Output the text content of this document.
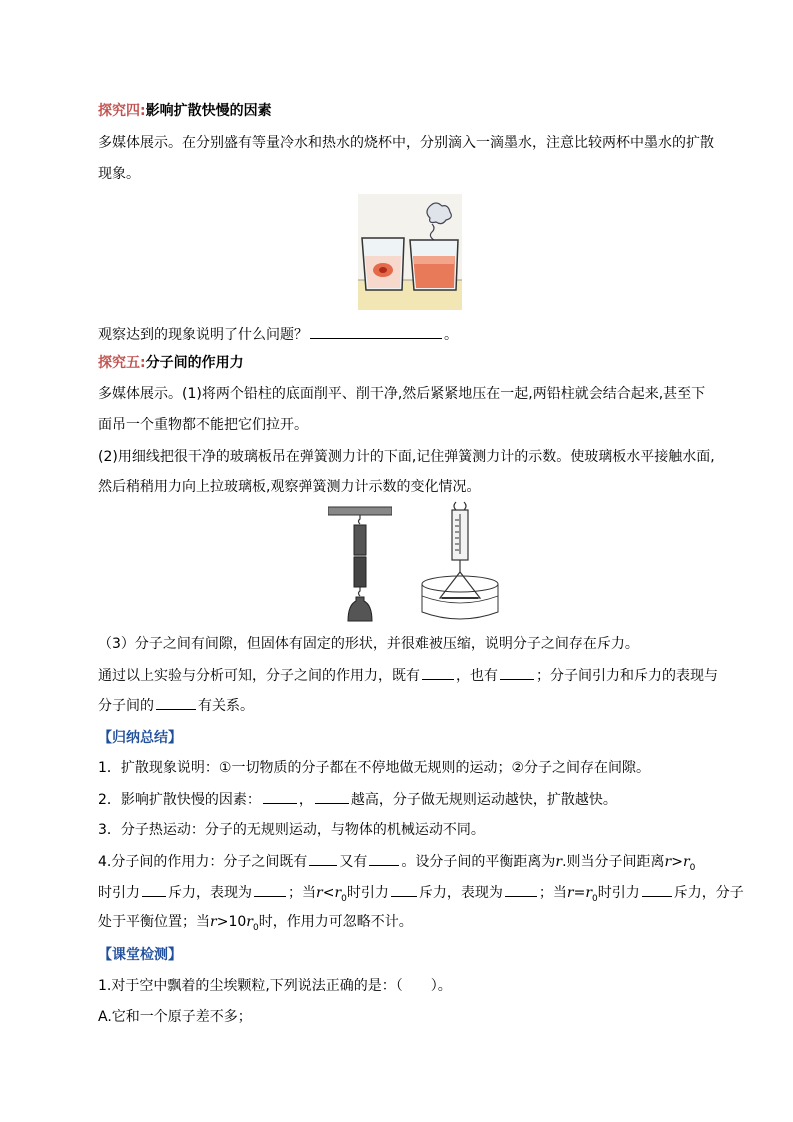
探究四:影响扩散快慢的因素
多媒体展示。在分别盛有等量冷水和热水的烧杯中，分别滴入一滴墨水，注意比较两杯中墨水的扩散
现象。
观察达到的现象说明了什么问题？	。
探究五:分子间的作用力
多媒体展示。(1)将两个铅柱的底面削平、削干净,然后紧紧地压在一起,两铅柱就会结合起来,甚至下
面吊一个重物都不能把它们拉开。
(2)用细线把很干净的玻璃板吊在弹簧测力计的下面,记住弹簧测力计的示数。使玻璃板水平接触水面,
然后稍稍用力向上拉玻璃板,观察弹簧测力计示数的变化情况。
（3）分子之间有间隙，但固体有固定的形状，并很难被压缩，说明分子之间存在斥力。
通过以上实验与分析可知，分子之间的作用力，既有	，也有	；分子间引力和斥力的表现与
分子间的	有关系。
【归纳总结】
1．扩散现象说明：①一切物质的分子都在不停地做无规则的运动；②分子之间存在间隙。
2．影响扩散快慢的因素：	，	越高，分子做无规则运动越快，扩散越快。
3．分子热运动：分子的无规则运动，与物体的机械运动不同。
4.分子间的作用力：分子之间既有 又有 。设分子间的平衡距离为r.则当分子间距离$r>r_0$
时引力 斥力，表现为	；当$r<r_0$时引力 斥力，表现为	；当$r=r_0$时引力 斥力，分子
处于平衡位置；当$r>10r_0$时，作用力可忽略不计。
【课堂检测】
1.对于空中飘着的尘埃颗粒,下列说法正确的是：（　　）。
A.它和一个原子差不多；
